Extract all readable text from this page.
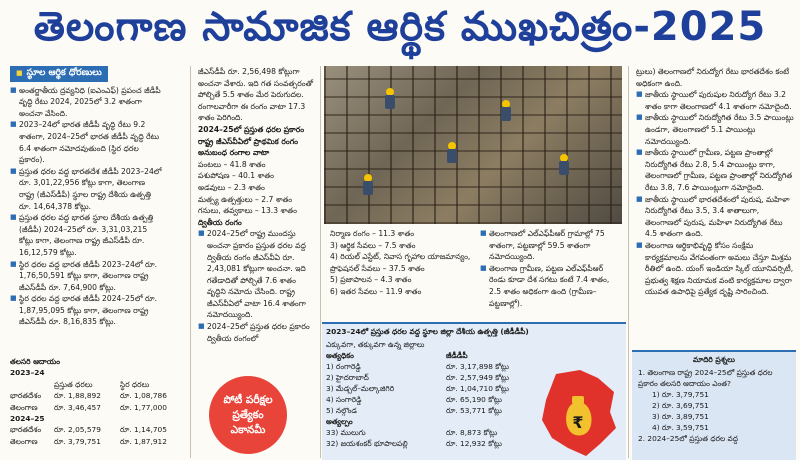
తెలంగాణ సామాజిక ఆర్థిక ముఖచిత్రం-2025
■ స్థూల ఆర్థిక ధోరణులు
■ అంతర్జాతీయ ద్రవ్యనిధి (ఐఎంఎఫ్) ప్రపంచ జీడీపీ వృద్ధి రేటు 2024, 2025లో 3.2 శాతంగా అంచనా వేసింది.
■ 2023–24లో భారత జీడీపీ వృద్ధి రేటు 9.2 శాతంగా, 2024–25లో భారత జీడీపీ వృద్ధి రేటు 6.4 శాతంగా నమోదవుతుంది (స్థిర ధరల ప్రకారం).
■ ప్రస్తుత ధరల వద్ద భారతదేశ జీడీపీ 2023–24లో రూ. 3,01,22,956 కోట్లు కాగా, తెలంగాణ రాష్ట్ర (జీఎస్‌డీపీ) స్థూల రాష్ట్ర దేశీయ ఉత్పత్తి రూ. 14,64,378 కోట్లు.
■ ప్రస్తుత ధరల వద్ద భారత స్థూల దేశీయ ఉత్పత్తి (జీడీపీ) 2024–25లో రూ. 3,31,03,215 కోట్లు కాగా, తెలంగాణ రాష్ట్ర జీఎస్‌డీపీ రూ. 16,12,579 కోట్లు.
■ స్థిర ధరల వద్ద భారత జీడీపీ 2023–24లో రూ. 1,76,50,591 కోట్లు కాగా, తెలంగాణ రాష్ట్ర జీఎస్‌డీపీ రూ. 7,64,900 కోట్లు.
■ స్థిర ధరల వద్ద భారత జీడీపీ 2024–25లో రూ. 1,87,95,095 కోట్లు కాగా, తెలంగాణ రాష్ట్ర జీఎస్‌డీపీ రూ. 8,16,835 కోట్లు.

జీఎస్‌డీపీ రూ. 2,56,498 కోట్లుగా అంచనా వేశారు. ఇది గత సంవత్సరంతో పోల్చితే 5.5 శాతం మేర పెరుగుదల. రంగాలవారీగా ఈ రంగం వాటా 17.3 శాతం పెరిగింది.

2024–25లో ప్రస్తుత ధరల ప్రకారం రాష్ట్ర జీఎస్‌వీఏలో ప్రాథమిక రంగం
అనుబంధ రంగాల వాటా
పంటలు – 41.8 శాతం
పశుపోషణ – 40.1 శాతం
అడవులు – 2.3 శాతం
మత్స్య ఉత్పత్తులు – 2.7 శాతం
గనులు, తవ్వకాలు – 13.3 శాతం
ద్వితీయ రంగం
■ 2024–25లో రాష్ట్ర ముందస్తు అంచనా ప్రకారం ప్రస్తుత ధరల వద్ద ద్వితీయ రంగం జీఎస్‌వీఏ రూ. 2,43,081 కోట్లుగా అంచనా. ఇది గతేడాదితో పోల్చితే 7.6 శాతం వృద్ధిని నమోదు చేసింది. రాష్ట్ర జీఎస్‌వీఏలో వాటా 16.4 శాతంగా నమోదయ్యింది.
■ 2024–25లో ప్రస్తుత ధరల ప్రకారం ద్వితీయ రంగంలో
నిర్మాణ రంగం – 11.3 శాతం
3) ఆర్థిక సేవలు – 7.5 శాతం
4) రియల్ ఎస్టేట్, నివాస గృహాల యాజమాన్యం, ప్రొఫెషనల్ సేవలు – 37.5 శాతం
5) ప్రజాపాలన – 4.3 శాతం
6) ఇతర సేవలు – 11.9 శాతం
■ తెలంగాణలో ఎల్ఎఫ్‌పీఆర్ గ్రామాల్లో 75 శాతంగా, పట్టణాల్లో 59.5 శాతంగా నమోదయ్యింది.
■ తెలంగాణ గ్రామీణ, పట్టణ ఎల్ఎఫ్‌పీఆర్ రెండు కూడా దేశ సగటు కంటే 7.4 శాతం, 2.5 శాతం అధికంగా ఉంది (గ్రామీణ–పట్టణాల్లో).
2023–24లో ప్రస్తుత ధరల వద్ద స్థూల జిల్లా దేశీయ ఉత్పత్తి (జీడీడీపీ)
ఎక్కువగా, తక్కువగా ఉన్న జిల్లాలు
అత్యధికం	జీడీడీపీ
1) రంగారెడ్డి	రూ. 3,17,898 కోట్లు
2) హైదరాబాద్	రూ. 2,57,949 కోట్లు
3) మేడ్చల్–మల్కాజిగిరి	రూ. 1,04,710 కోట్లు
4) సంగారెడ్డి	రూ. 65,190 కోట్లు
5) నల్గొండ	రూ. 53,771 కోట్లు
అత్యల్పం
33) ములుగు	రూ. 8,873 కోట్లు
32) జయశంకర్ భూపాలపల్లి	రూ. 12,932 కోట్లు
₹

ట్రులు) తెలంగాణలో నిరుద్యోగ రేటు భారతదేశం కంటే అధికంగా ఉంది.

■ జాతీయ స్థాయిలో పురుషుల నిరుద్యోగ రేటు 3.2 శాతం కాగా తెలంగాణలో 4.1 శాతంగా నమోదైంది.
■ జాతీయ స్థాయిలో నిరుద్యోగిత రేటు 3.5 పాయింట్లు ఉండగా, తెలంగాణలో 5.1 పాయింట్లు నమోదయ్యింది.
■ జాతీయ స్థాయిలో గ్రామీణ, పట్టణ ప్రాంతాల్లో నిరుద్యోగిత రేటు 2.8, 5.4 పాయింట్లు కాగా, తెలంగాణలో గ్రామీణ, పట్టణ ప్రాంతాల్లో నిరుద్యోగిత రేటు 3.8, 7.6 పాయింట్లుగా నమోదైంది.
■ జాతీయ స్థాయిలో భారతదేశంలో పురుష, మహిళా నిరుద్యోగిత రేటు 3.5, 3.4 శాతాలుగా, తెలంగాణలో పురుష, మహిళా నిరుద్యోగిత రేటు 4.5 శాతంగా ఉంది.
■ తెలంగాణ ఆర్థికాభివృద్ధి కోసం సంక్షేమ కార్యక్రమాలను వేగవంతంగా అమలు చేస్తూ మిశ్రమ రీతిలో ఉంది. యంగ్ ఇండియా స్కిల్ యూనివర్సిటీ, ప్రభుత్వ శిక్షణ నియామక వంటి కార్యక్రమాల ద్వారా యువత ఉపాధిపై ప్రత్యేక దృష్టి సారించింది.
తలసరి ఆదాయం
2023–24
ప్రస్తుత ధరలు	స్థిర ధరలు
భారతదేశం	రూ. 1,88,892	రూ. 1,08,786
తెలంగాణ	రూ. 3,46,457	రూ. 1,77,000
2024–25
భారతదేశం	రూ. 2,05,579	రూ. 1,14,705
తెలంగాణ	రూ. 3,79,751	రూ. 1,87,912
పోటీ పరీక్షల
ప్రత్యేకం
ఎకానమీ
మాదిరి ప్రశ్నలు
1. తెలంగాణ రాష్ట్ర 2024–25లో ప్రస్తుత ధరల ప్రకారం తలసరి ఆదాయం ఎంత?
1) రూ. 3,79,751
2) రూ. 3,69,751
3) రూ. 3,89,751
4) రూ. 3,59,751
2. 2024–25లో ప్రస్తుత ధరల వద్ద
